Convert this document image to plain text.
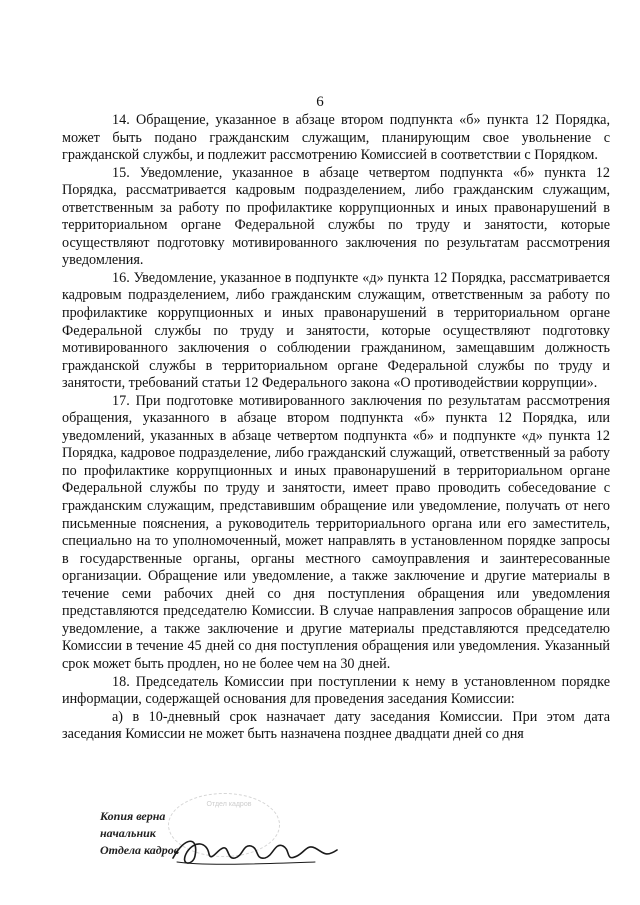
6

14. Обращение, указанное в абзаце втором подпункта «б» пункта 12 Порядка, может быть подано гражданским служащим, планирующим свое увольнение с гражданской службы, и подлежит рассмотрению Комиссией в соответствии с Порядком.

15. Уведомление, указанное в абзаце четвертом подпункта «б» пункта 12 Порядка, рассматривается кадровым подразделением, либо гражданским служащим, ответственным за работу по профилактике коррупционных и иных правонарушений в территориальном органе Федеральной службы по труду и занятости, которые осуществляют подготовку мотивированного заключения по результатам рассмотрения уведомления.

16. Уведомление, указанное в подпункте «д» пункта 12 Порядка, рассматривается кадровым подразделением, либо гражданским служащим, ответственным за работу по профилактике коррупционных и иных правонарушений в территориальном органе Федеральной службы по труду и занятости, которые осуществляют подготовку мотивированного заключения о соблюдении гражданином, замещавшим должность гражданской службы в территориальном органе Федеральной службы по труду и занятости, требований статьи 12 Федерального закона «О противодействии коррупции».

17. При подготовке мотивированного заключения по результатам рассмотрения обращения, указанного в абзаце втором подпункта «б» пункта 12 Порядка, или уведомлений, указанных в абзаце четвертом подпункта «б» и подпункте «д» пункта 12 Порядка, кадровое подразделение, либо гражданский служащий, ответственный за работу по профилактике коррупционных и иных правонарушений в территориальном органе Федеральной службы по труду и занятости, имеет право проводить собеседование с гражданским служащим, представившим обращение или уведомление, получать от него письменные пояснения, а руководитель территориального органа или его заместитель, специально на то уполномоченный, может направлять в установленном порядке запросы в государственные органы, органы местного самоуправления и заинтересованные организации. Обращение или уведомление, а также заключение и другие материалы в течение семи рабочих дней со дня поступления обращения или уведомления представляются председателю Комиссии. В случае направления запросов обращение или уведомление, а также заключение и другие материалы представляются председателю Комиссии в течение 45 дней со дня поступления обращения или уведомления. Указанный срок может быть продлен, но не более чем на 30 дней.

18. Председатель Комиссии при поступлении к нему в установленном порядке информации, содержащей основания для проведения заседания Комиссии:

а) в 10-дневный срок назначает дату заседания Комиссии. При этом дата заседания Комиссии не может быть назначена позднее двадцати дней со дня

Отдел кадров
Копия верна
начальник
Отдела кадров
